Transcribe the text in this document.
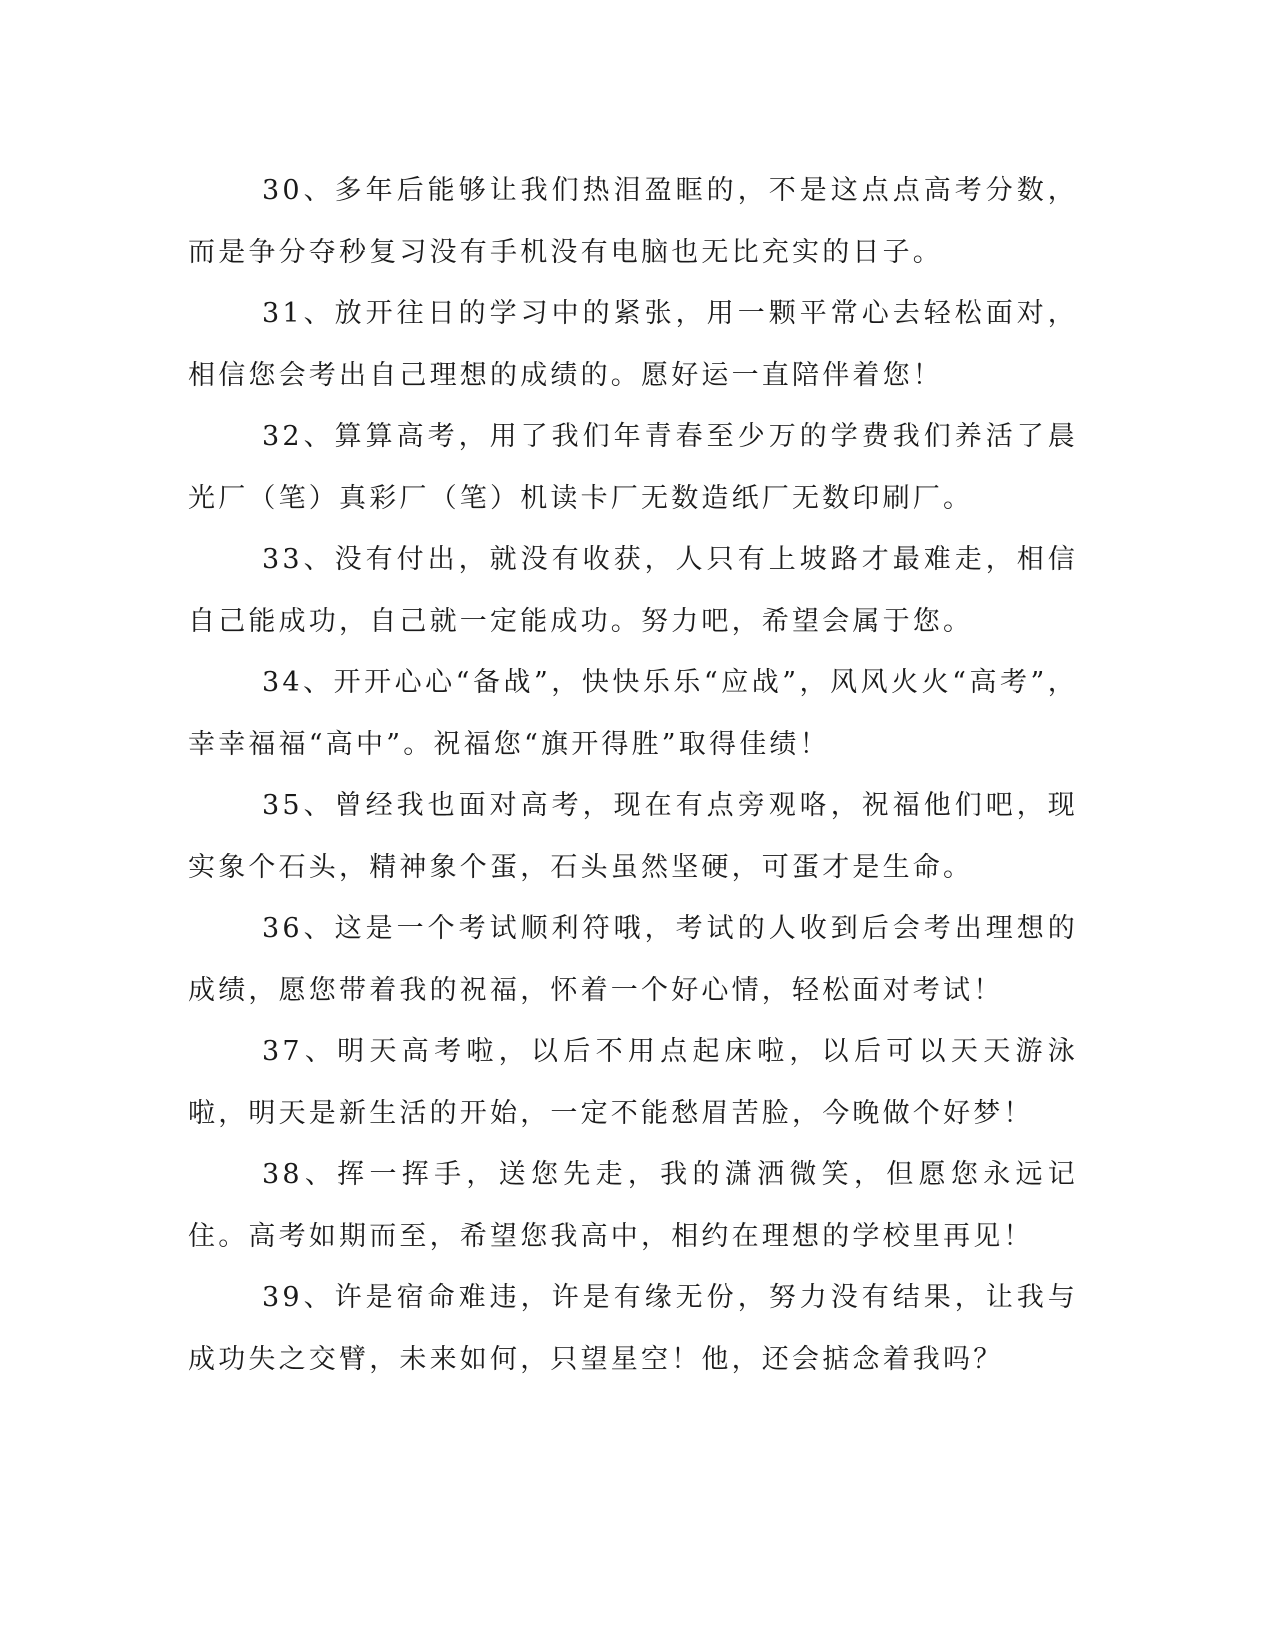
30、多年后能够让我们热泪盈眶的，不是这点点高考分数，而是争分夺秒复习没有手机没有电脑也无比充实的日子。

31、放开往日的学习中的紧张，用一颗平常心去轻松面对，相信您会考出自己理想的成绩的。愿好运一直陪伴着您！

32、算算高考，用了我们年青春至少万的学费我们养活了晨光厂（笔）真彩厂（笔）机读卡厂无数造纸厂无数印刷厂。

33、没有付出，就没有收获，人只有上坡路才最难走，相信自己能成功，自己就一定能成功。努力吧，希望会属于您。

34、开开心心“备战”，快快乐乐“应战”，风风火火“高考”，幸幸福福“高中”。祝福您“旗开得胜”取得佳绩！

35、曾经我也面对高考，现在有点旁观咯，祝福他们吧，现实象个石头，精神象个蛋，石头虽然坚硬，可蛋才是生命。

36、这是一个考试顺利符哦，考试的人收到后会考出理想的成绩，愿您带着我的祝福，怀着一个好心情，轻松面对考试！

37、明天高考啦，以后不用点起床啦，以后可以天天游泳啦，明天是新生活的开始，一定不能愁眉苦脸，今晚做个好梦！

38、挥一挥手，送您先走，我的潇洒微笑，但愿您永远记住。高考如期而至，希望您我高中，相约在理想的学校里再见！

39、许是宿命难违，许是有缘无份，努力没有结果，让我与成功失之交臂，未来如何，只望星空！他，还会掂念着我吗？
